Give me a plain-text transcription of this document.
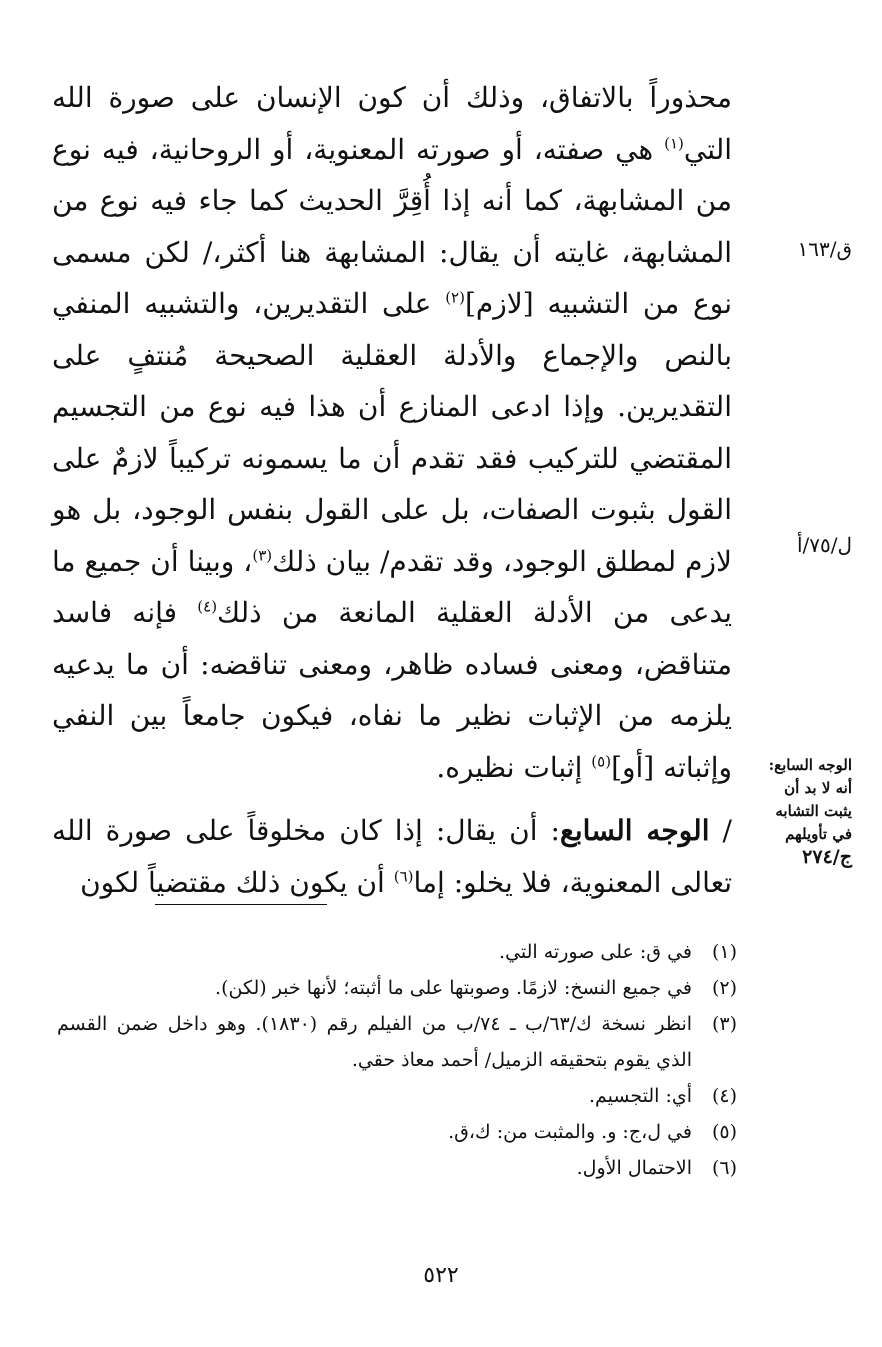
محذوراً بالاتفاق، وذلك أن كون الإنسان على صورة الله التي$^{(١)}$ هي صفته، أو صورته المعنوية، أو الروحانية، فيه نوع من المشابهة، كما أنه إذا أُقِرَّ الحديث كما جاء فيه نوع من المشابهة، غايته أن يقال: المشابهة هنا أكثر،/ لكن مسمى نوع من التشبيه [لازم]$^{(٢)}$ على التقديرين، والتشبيه المنفي بالنص والإجماع والأدلة العقلية الصحيحة مُنتفٍ على التقديرين. وإذا ادعى المنازع أن هذا فيه نوع من التجسيم المقتضي للتركيب فقد تقدم أن ما يسمونه تركيباً لازمٌ على القول بثبوت الصفات، بل على القول بنفس الوجود، بل هو لازم لمطلق الوجود، وقد تقدم/ بيان ذلك$^{(٣)}$، وبينا أن جميع ما يدعى من الأدلة العقلية المانعة من ذلك$^{(٤)}$ فإنه فاسد متناقض، ومعنى فساده ظاهر، ومعنى تناقضه: أن ما يدعيه يلزمه من الإثبات نظير ما نفاه، فيكون جامعاً بين النفي وإثباته [أو]$^{(٥)}$ إثبات نظيره.

/ الوجه السابع: أن يقال: إذا كان مخلوقاً على صورة الله تعالى المعنوية، فلا يخلو: إما$^{(٦)}$ أن يكون ذلك مقتضياً لكون

ق/١٦٣
ل/٧٥/أ
الوجه السابع:
أنه لا بد أن
يثبت التشابه
في تأويلهم
ج/٢٧٤
(١)
في ق: على صورته التي.
(٢)
في جميع النسخ: لازمًا. وصوبتها على ما أثبته؛ لأنها خبر (لكن).
(٣)
انظر نسخة ك/٦٣/ب ـ ٧٤/ب من الفيلم رقم (١٨٣٠). وهو داخل ضمن القسم الذي يقوم بتحقيقه الزميل/ أحمد معاذ حقي.
(٤)
أي: التجسيم.
(٥)
في ل،ج: و. والمثبت من: ك،ق.
(٦)
الاحتمال الأول.
٥٢٢
